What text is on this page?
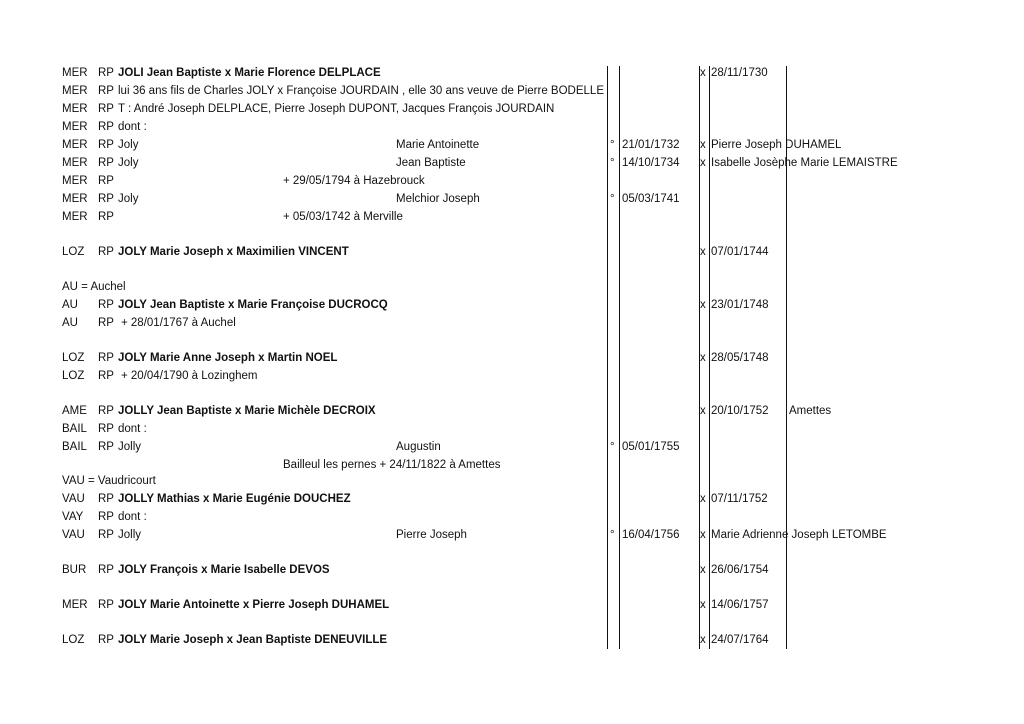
MER RP JOLI Jean Baptiste x Marie Florence DELPLACE	x 28/11/1730
MER RP lui 36 ans fils de Charles JOLY x Françoise JOURDAIN , elle 30 ans veuve de Pierre BODELLE
MER RP T : André Joseph DELPLACE, Pierre Joseph DUPONT, Jacques François JOURDAIN
MER RP dont :
MER RP Joly	Marie Antoinette	° 21/01/1732 x Pierre Joseph DUHAMEL
MER RP Joly	Jean Baptiste	° 14/10/1734 x Isabelle Josèphe Marie LEMAISTRE
MER RP	+ 29/05/1794 à Hazebrouck
MER RP Joly	Melchior Joseph	° 05/03/1741
MER RP	+ 05/03/1742 à Merville
LOZ RP JOLY Marie Joseph x Maximilien VINCENT	x 07/01/1744
AU = Auchel
AU RP JOLY Jean Baptiste x Marie Françoise DUCROCQ	x 23/01/1748
AU RP + 28/01/1767 à Auchel
LOZ RP JOLY Marie Anne Joseph x Martin NOEL	x 28/05/1748
LOZ RP + 20/04/1790 à Lozinghem
AME RP JOLLY Jean Baptiste x Marie Michèle DECROIX	x 20/10/1752 Amettes
BAIL RP dont :
BAIL RP Jolly	Augustin	° 05/01/1755
Bailleul les pernes + 24/11/1822 à Amettes
VAU = Vaudricourt
VAU RP JOLLY Mathias x Marie Eugénie DOUCHEZ	x 07/11/1752
VAY RP dont :
VAU RP Jolly	Pierre Joseph	° 16/04/1756 x Marie Adrienne Joseph LETOMBE
BUR RP JOLY François x Marie Isabelle DEVOS	x 26/06/1754
MER RP JOLY Marie Antoinette x Pierre Joseph DUHAMEL	x 14/06/1757
LOZ RP JOLY Marie Joseph x Jean Baptiste DENEUVILLE	x 24/07/1764
